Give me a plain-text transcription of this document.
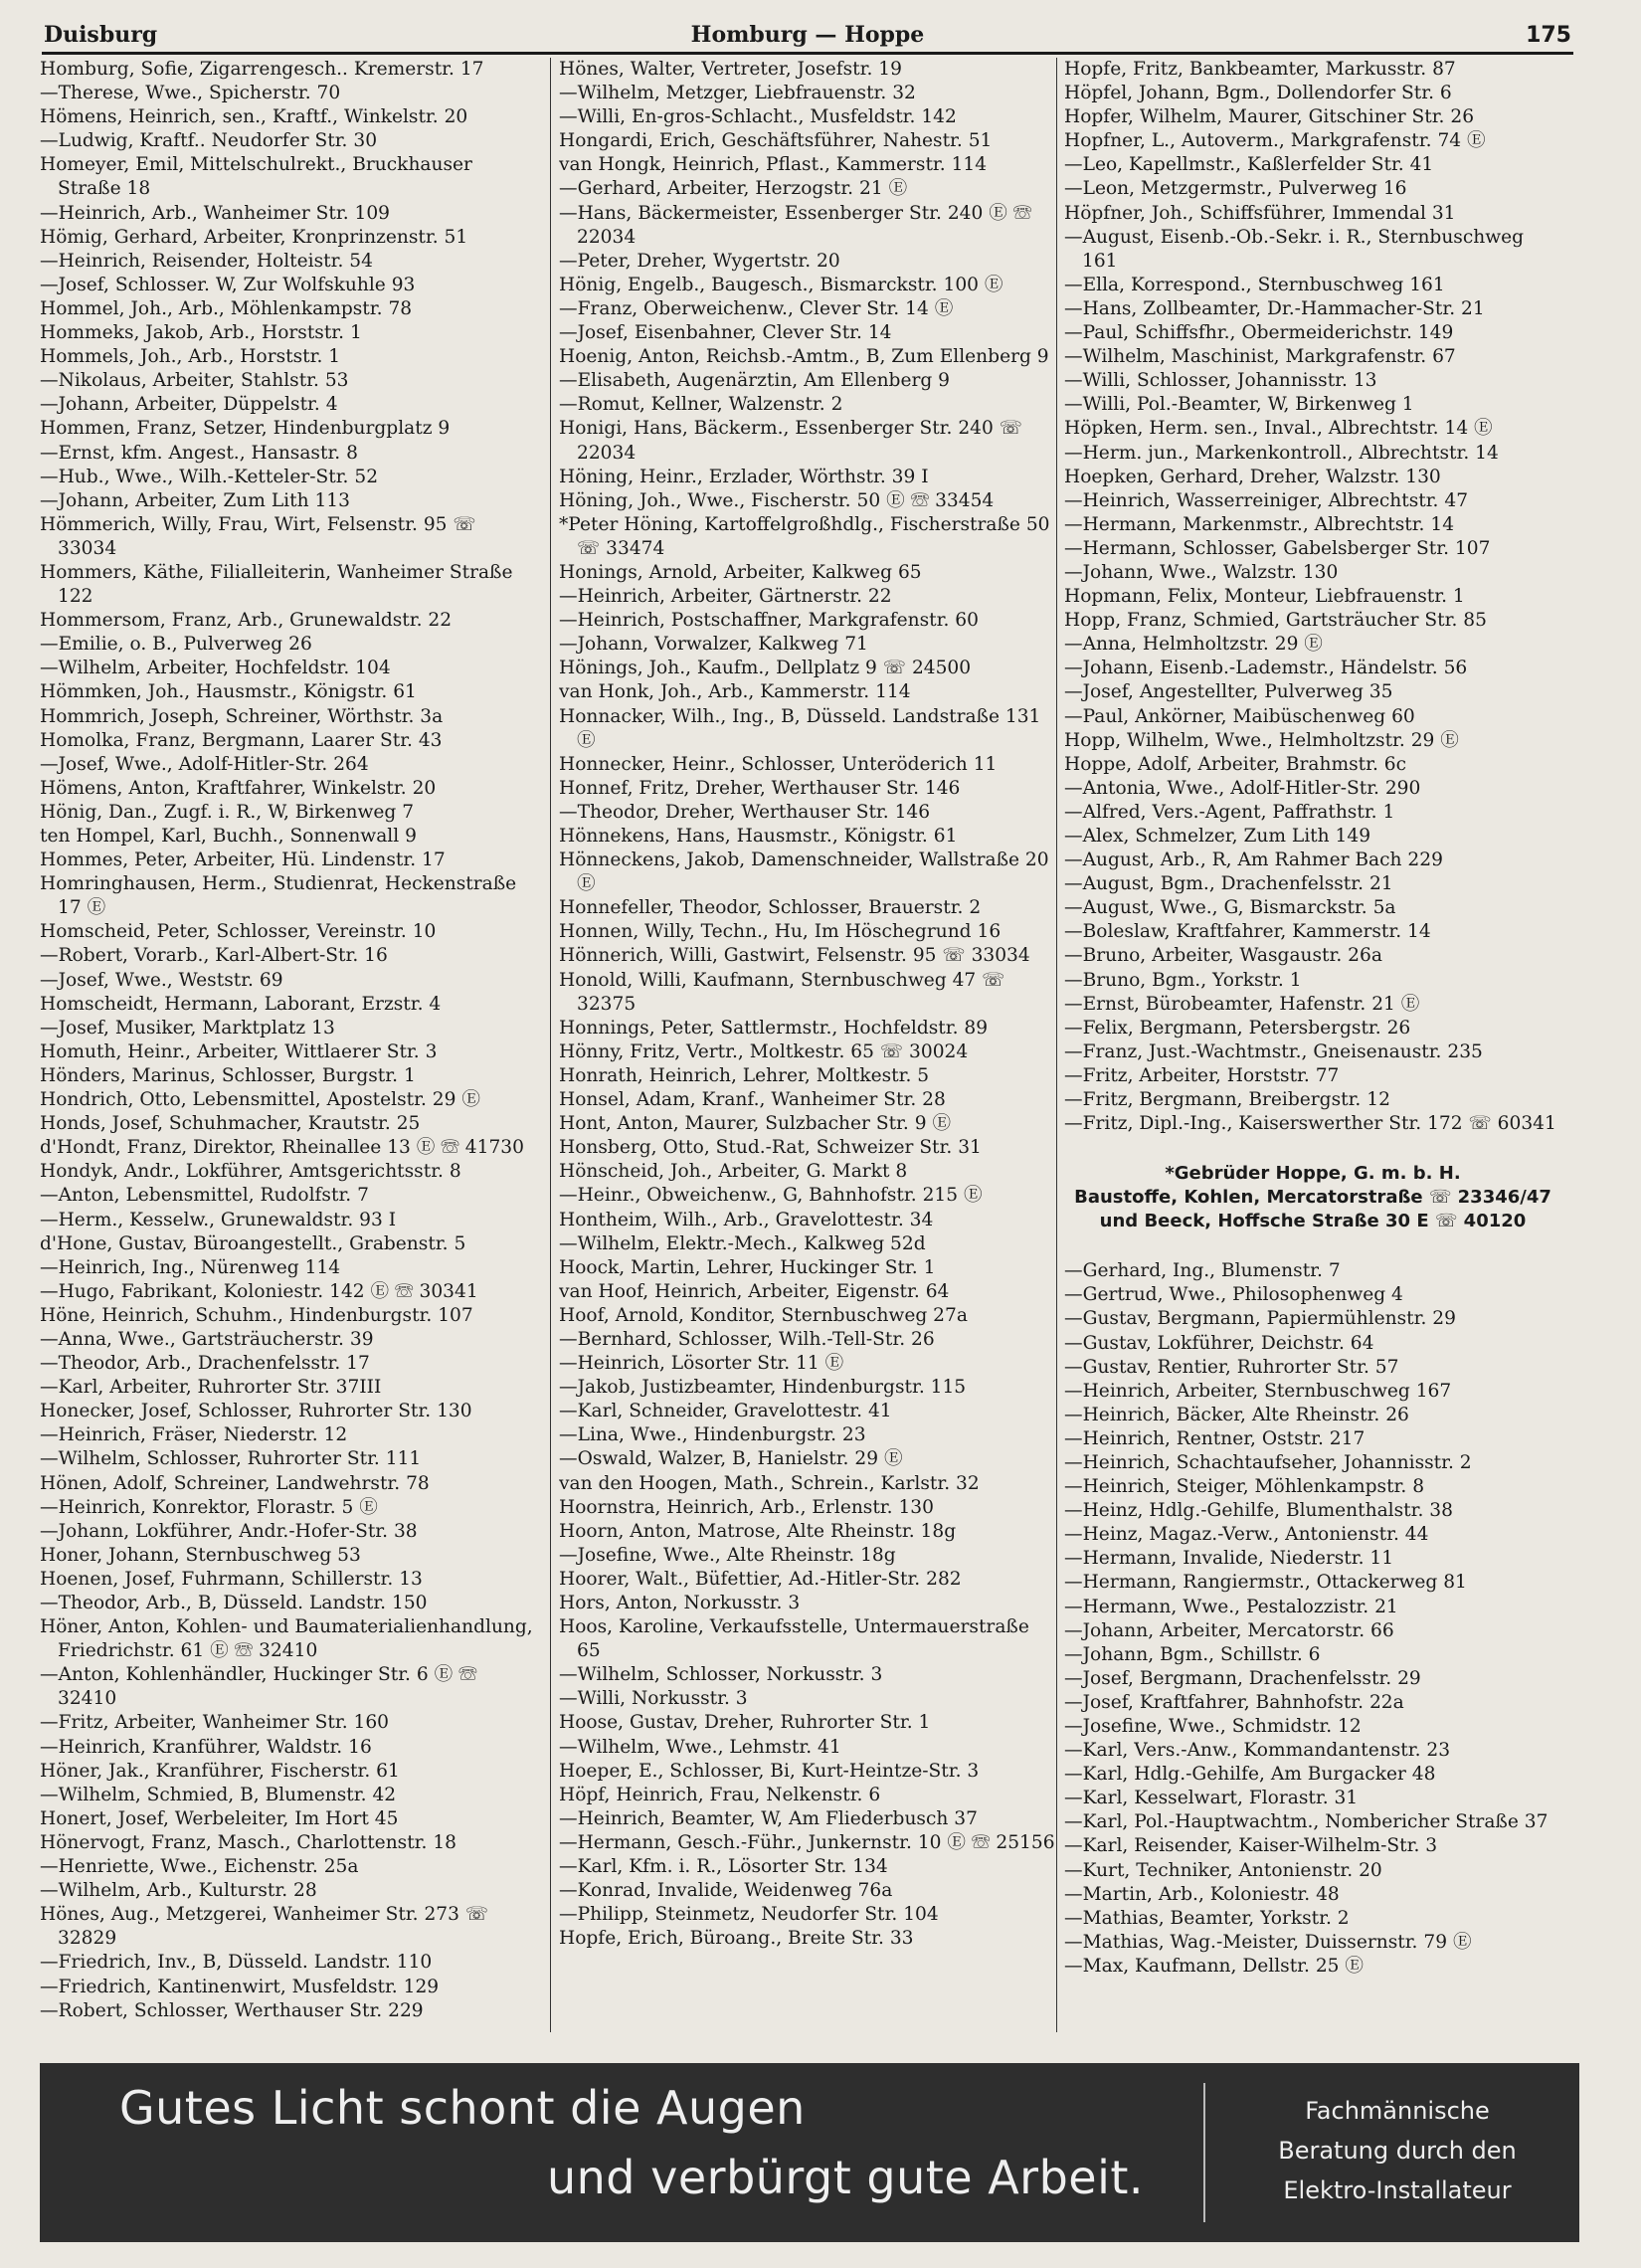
Duisburg	Homburg — Hoppe	175
Homburg, Sofie, Zigarrengesch.. Kremerstr. 17
—Therese, Wwe., Spicherstr. 70
Hömens, Heinrich, sen., Kraftf., Winkelstr. 20
—Ludwig, Kraftf.. Neudorfer Str. 30
Homeyer, Emil, Mittelschulrekt., Bruckhauser Straße 18
—Heinrich, Arb., Wanheimer Str. 109
Hömig, Gerhard, Arbeiter, Kronprinzenstr. 51
—Heinrich, Reisender, Holteistr. 54
—Josef, Schlosser. W, Zur Wolfskuhle 93
Hommel, Joh., Arb., Möhlenkampstr. 78
Hommeks, Jakob, Arb., Horststr. 1
Hommels, Joh., Arb., Horststr. 1
—Nikolaus, Arbeiter, Stahlstr. 53
—Johann, Arbeiter, Düppelstr. 4
Hommen, Franz, Setzer, Hindenburgplatz 9
—Ernst, kfm. Angest., Hansastr. 8
—Hub., Wwe., Wilh.-Ketteler-Str. 52
—Johann, Arbeiter, Zum Lith 113
Hömmerich, Willy, Frau, Wirt, Felsenstr. 95 ☏ 33034
Hommers, Käthe, Filialleiterin, Wanheimer Straße 122
Hommersom, Franz, Arb., Grunewaldstr. 22
—Emilie, o. B., Pulverweg 26
—Wilhelm, Arbeiter, Hochfeldstr. 104
Hömmken, Joh., Hausmstr., Königstr. 61
Hommrich, Joseph, Schreiner, Wörthstr. 3a
Homolka, Franz, Bergmann, Laarer Str. 43
—Josef, Wwe., Adolf-Hitler-Str. 264
Hömens, Anton, Kraftfahrer, Winkelstr. 20
Hönig, Dan., Zugf. i. R., W, Birkenweg 7
ten Hompel, Karl, Buchh., Sonnenwall 9
Hommes, Peter, Arbeiter, Hü. Lindenstr. 17
Homringhausen, Herm., Studienrat, Heckenstraße 17 Ⓔ
Homscheid, Peter, Schlosser, Vereinstr. 10
—Robert, Vorarb., Karl-Albert-Str. 16
—Josef, Wwe., Weststr. 69
Homscheidt, Hermann, Laborant, Erzstr. 4
—Josef, Musiker, Marktplatz 13
Homuth, Heinr., Arbeiter, Wittlaerer Str. 3
Hönders, Marinus, Schlosser, Burgstr. 1
Hondrich, Otto, Lebensmittel, Apostelstr. 29 Ⓔ
Honds, Josef, Schuhmacher, Krautstr. 25
d'Hondt, Franz, Direktor, Rheinallee 13 Ⓔ ☏ 41730
Hondyk, Andr., Lokführer, Amtsgerichtsstr. 8
—Anton, Lebensmittel, Rudolfstr. 7
—Herm., Kesselw., Grunewaldstr. 93 I
d'Hone, Gustav, Büroangestellt., Grabenstr. 5
—Heinrich, Ing., Nürenweg 114
—Hugo, Fabrikant, Koloniestr. 142 Ⓔ ☏ 30341
Höne, Heinrich, Schuhm., Hindenburgstr. 107
—Anna, Wwe., Gartsträucherstr. 39
—Theodor, Arb., Drachenfelsstr. 17
—Karl, Arbeiter, Ruhrorter Str. 37III
Honecker, Josef, Schlosser, Ruhrorter Str. 130
—Heinrich, Fräser, Niederstr. 12
—Wilhelm, Schlosser, Ruhrorter Str. 111
Hönen, Adolf, Schreiner, Landwehrstr. 78
—Heinrich, Konrektor, Florastr. 5 Ⓔ
—Johann, Lokführer, Andr.-Hofer-Str. 38
Honer, Johann, Sternbuschweg 53
Hoenen, Josef, Fuhrmann, Schillerstr. 13
—Theodor, Arb., B, Düsseld. Landstr. 150
Höner, Anton, Kohlen- und Baumaterialienhandlung, Friedrichstr. 61 Ⓔ ☏ 32410
—Anton, Kohlenhändler, Huckinger Str. 6 Ⓔ ☏ 32410
—Fritz, Arbeiter, Wanheimer Str. 160
—Heinrich, Kranführer, Waldstr. 16
Höner, Jak., Kranführer, Fischerstr. 61
—Wilhelm, Schmied, B, Blumenstr. 42
Honert, Josef, Werbeleiter, Im Hort 45
Hönervogt, Franz, Masch., Charlottenstr. 18
—Henriette, Wwe., Eichenstr. 25a
—Wilhelm, Arb., Kulturstr. 28
Hönes, Aug., Metzgerei, Wanheimer Str. 273 ☏ 32829
—Friedrich, Inv., B, Düsseld. Landstr. 110
—Friedrich, Kantinenwirt, Musfeldstr. 129
—Robert, Schlosser, Werthauser Str. 229
Hönes, Walter, Vertreter, Josefstr. 19
—Wilhelm, Metzger, Liebfrauenstr. 32
—Willi, En-gros-Schlacht., Musfeldstr. 142
Hongardi, Erich, Geschäftsführer, Nahestr. 51
van Hongk, Heinrich, Pflast., Kammerstr. 114
—Gerhard, Arbeiter, Herzogstr. 21 Ⓔ
—Hans, Bäckermeister, Essenberger Str. 240 Ⓔ ☏ 22034
—Peter, Dreher, Wygertstr. 20
Hönig, Engelb., Baugesch., Bismarckstr. 100 Ⓔ
—Franz, Oberweichenw., Clever Str. 14 Ⓔ
—Josef, Eisenbahner, Clever Str. 14
Hoenig, Anton, Reichsb.-Amtm., B, Zum Ellenberg 9
—Elisabeth, Augenärztin, Am Ellenberg 9
—Romut, Kellner, Walzenstr. 2
Honigi, Hans, Bäckerm., Essenberger Str. 240 ☏ 22034
Höning, Heinr., Erzlader, Wörthstr. 39 I
Höning, Joh., Wwe., Fischerstr. 50 Ⓔ ☏ 33454
*Peter Höning, Kartoffelgroßhdlg., Fischerstraße 50 ☏ 33474
Honings, Arnold, Arbeiter, Kalkweg 65
—Heinrich, Arbeiter, Gärtnerstr. 22
—Heinrich, Postschaffner, Markgrafenstr. 60
—Johann, Vorwalzer, Kalkweg 71
Hönings, Joh., Kaufm., Dellplatz 9 ☏ 24500
van Honk, Joh., Arb., Kammerstr. 114
Honnacker, Wilh., Ing., B, Düsseld. Landstraße 131 Ⓔ
Honnecker, Heinr., Schlosser, Unteröderich 11
Honnef, Fritz, Dreher, Werthauser Str. 146
—Theodor, Dreher, Werthauser Str. 146
Hönnekens, Hans, Hausmstr., Königstr. 61
Hönneckens, Jakob, Damenschneider, Wallstraße 20 Ⓔ
Honnefeller, Theodor, Schlosser, Brauerstr. 2
Honnen, Willy, Techn., Hu, Im Höschegrund 16
Hönnerich, Willi, Gastwirt, Felsenstr. 95 ☏ 33034
Honold, Willi, Kaufmann, Sternbuschweg 47 ☏ 32375
Honnings, Peter, Sattlermstr., Hochfeldstr. 89
Hönny, Fritz, Vertr., Moltkestr. 65 ☏ 30024
Honrath, Heinrich, Lehrer, Moltkestr. 5
Honsel, Adam, Kranf., Wanheimer Str. 28
Hont, Anton, Maurer, Sulzbacher Str. 9 Ⓔ
Honsberg, Otto, Stud.-Rat, Schweizer Str. 31
Hönscheid, Joh., Arbeiter, G. Markt 8
—Heinr., Obweichenw., G, Bahnhofstr. 215 Ⓔ
Hontheim, Wilh., Arb., Gravelottestr. 34
—Wilhelm, Elektr.-Mech., Kalkweg 52d
Hoock, Martin, Lehrer, Huckinger Str. 1
van Hoof, Heinrich, Arbeiter, Eigenstr. 64
Hoof, Arnold, Konditor, Sternbuschweg 27a
—Bernhard, Schlosser, Wilh.-Tell-Str. 26
—Heinrich, Lösorter Str. 11 Ⓔ
—Jakob, Justizbeamter, Hindenburgstr. 115
—Karl, Schneider, Gravelottestr. 41
—Lina, Wwe., Hindenburgstr. 23
—Oswald, Walzer, B, Hanielstr. 29 Ⓔ
van den Hoogen, Math., Schrein., Karlstr. 32
Hoornstra, Heinrich, Arb., Erlenstr. 130
Hoorn, Anton, Matrose, Alte Rheinstr. 18g
—Josefine, Wwe., Alte Rheinstr. 18g
Hoorer, Walt., Büfettier, Ad.-Hitler-Str. 282
Hors, Anton, Norkusstr. 3
Hoos, Karoline, Verkaufsstelle, Untermauerstraße 65
—Wilhelm, Schlosser, Norkusstr. 3
—Willi, Norkusstr. 3
Hoose, Gustav, Dreher, Ruhrorter Str. 1
—Wilhelm, Wwe., Lehmstr. 41
Hoeper, E., Schlosser, Bi, Kurt-Heintze-Str. 3
Höpf, Heinrich, Frau, Nelkenstr. 6
—Heinrich, Beamter, W, Am Fliederbusch 37
—Hermann, Gesch.-Führ., Junkernstr. 10 Ⓔ ☏ 25156
—Karl, Kfm. i. R., Lösorter Str. 134
—Konrad, Invalide, Weidenweg 76a
—Philipp, Steinmetz, Neudorfer Str. 104
Hopfe, Erich, Büroang., Breite Str. 33
Hopfe, Fritz, Bankbeamter, Markusstr. 87
Höpfel, Johann, Bgm., Dollendorfer Str. 6
Hopfer, Wilhelm, Maurer, Gitschiner Str. 26
Hopfner, L., Autoverm., Markgrafenstr. 74 Ⓔ
—Leo, Kapellmstr., Kaßlerfelder Str. 41
—Leon, Metzgermstr., Pulverweg 16
Höpfner, Joh., Schiffsführer, Immendal 31
—August, Eisenb.-Ob.-Sekr. i. R., Sternbuschweg 161
—Ella, Korrespond., Sternbuschweg 161
—Hans, Zollbeamter, Dr.-Hammacher-Str. 21
—Paul, Schiffsfhr., Obermeiderichstr. 149
—Wilhelm, Maschinist, Markgrafenstr. 67
—Willi, Schlosser, Johannisstr. 13
—Willi, Pol.-Beamter, W, Birkenweg 1
Höpken, Herm. sen., Inval., Albrechtstr. 14 Ⓔ
—Herm. jun., Markenkontroll., Albrechtstr. 14
Hoepken, Gerhard, Dreher, Walzstr. 130
—Heinrich, Wasserreiniger, Albrechtstr. 47
—Hermann, Markenmstr., Albrechtstr. 14
—Hermann, Schlosser, Gabelsberger Str. 107
—Johann, Wwe., Walzstr. 130
Hopmann, Felix, Monteur, Liebfrauenstr. 1
Hopp, Franz, Schmied, Gartsträucher Str. 85
—Anna, Helmholtzstr. 29 Ⓔ
—Johann, Eisenb.-Lademstr., Händelstr. 56
—Josef, Angestellter, Pulverweg 35
—Paul, Ankörner, Maibüschenweg 60
Hopp, Wilhelm, Wwe., Helmholtzstr. 29 Ⓔ
Hoppe, Adolf, Arbeiter, Brahmstr. 6c
—Antonia, Wwe., Adolf-Hitler-Str. 290
—Alfred, Vers.-Agent, Paffrathstr. 1
—Alex, Schmelzer, Zum Lith 149
—August, Arb., R, Am Rahmer Bach 229
—August, Bgm., Drachenfelsstr. 21
—August, Wwe., G, Bismarckstr. 5a
—Boleslaw, Kraftfahrer, Kammerstr. 14
—Bruno, Arbeiter, Wasgaustr. 26a
—Bruno, Bgm., Yorkstr. 1
—Ernst, Bürobeamter, Hafenstr. 21 Ⓔ
—Felix, Bergmann, Petersbergstr. 26
—Franz, Just.-Wachtmstr., Gneisenaustr. 235
—Fritz, Arbeiter, Horststr. 77
—Fritz, Bergmann, Breibergstr. 12
—Fritz, Dipl.-Ing., Kaiserswerther Str. 172 ☏ 60341
*Gebrüder Hoppe, G. m. b. H.
Baustoffe, Kohlen, Mercatorstraße ☏ 23346/47
und Beeck, Hoffsche Straße 30 E ☏ 40120
—Gerhard, Ing., Blumenstr. 7
—Gertrud, Wwe., Philosophenweg 4
—Gustav, Bergmann, Papiermühlenstr. 29
—Gustav, Lokführer, Deichstr. 64
—Gustav, Rentier, Ruhrorter Str. 57
—Heinrich, Arbeiter, Sternbuschweg 167
—Heinrich, Bäcker, Alte Rheinstr. 26
—Heinrich, Rentner, Oststr. 217
—Heinrich, Schachtaufseher, Johannisstr. 2
—Heinrich, Steiger, Möhlenkampstr. 8
—Heinz, Hdlg.-Gehilfe, Blumenthalstr. 38
—Heinz, Magaz.-Verw., Antonienstr. 44
—Hermann, Invalide, Niederstr. 11
—Hermann, Rangiermstr., Ottackerweg 81
—Hermann, Wwe., Pestalozzistr. 21
—Johann, Arbeiter, Mercatorstr. 66
—Johann, Bgm., Schillstr. 6
—Josef, Bergmann, Drachenfelsstr. 29
—Josef, Kraftfahrer, Bahnhofstr. 22a
—Josefine, Wwe., Schmidstr. 12
—Karl, Vers.-Anw., Kommandantenstr. 23
—Karl, Hdlg.-Gehilfe, Am Burgacker 48
—Karl, Kesselwart, Florastr. 31
—Karl, Pol.-Hauptwachtm., Nombericher Straße 37
—Karl, Reisender, Kaiser-Wilhelm-Str. 3
—Kurt, Techniker, Antonienstr. 20
—Martin, Arb., Koloniestr. 48
—Mathias, Beamter, Yorkstr. 2
—Mathias, Wag.-Meister, Duissernstr. 79 Ⓔ
—Max, Kaufmann, Dellstr. 25 Ⓔ
Gutes Licht schont die Augen
und verbürgt gute Arbeit.
Fachmännische
Beratung durch den
Elektro-Installateur
